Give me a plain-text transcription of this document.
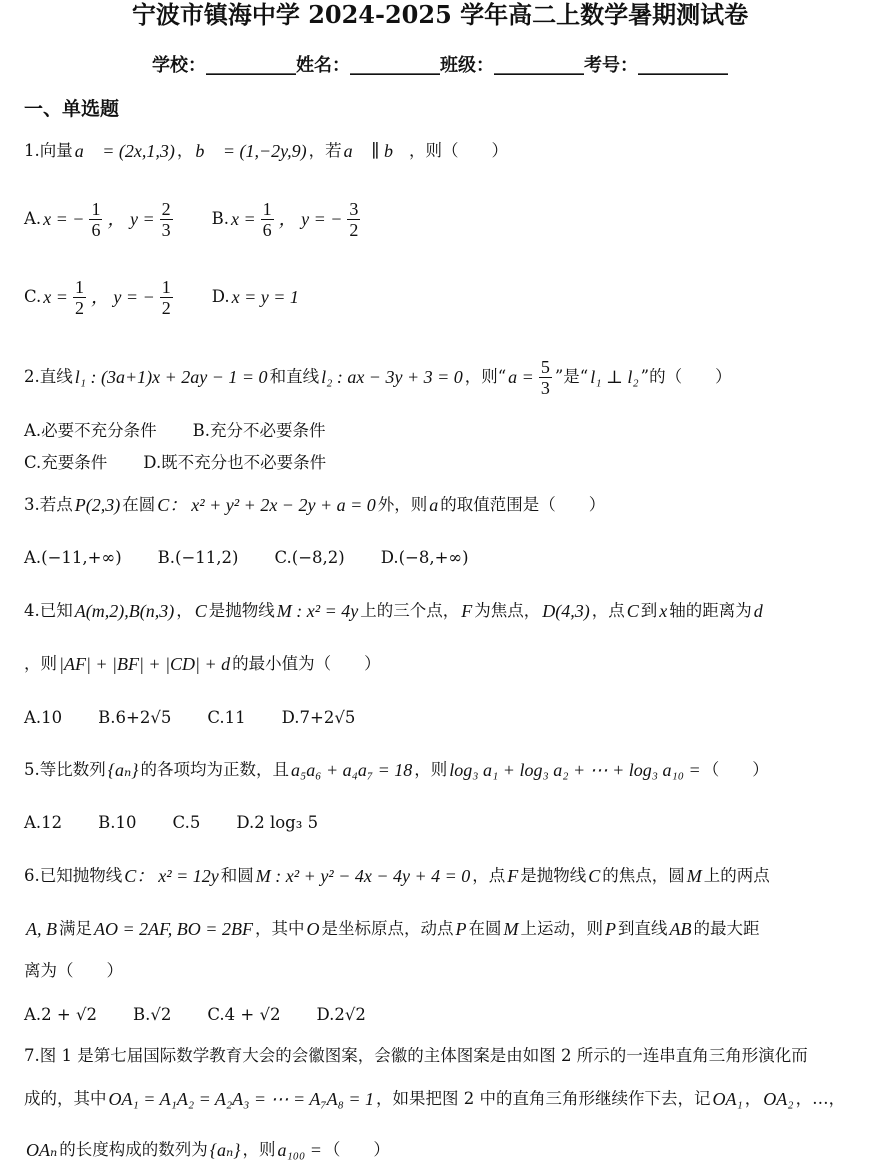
宁波市镇海中学 2024-2025 学年高二上数学暑期测试卷
学校：__________姓名：__________班级：__________考号：__________
一、单选题
1.向量 a⃗ = (2x,1,3) ， b⃗ = (1,−2y,9) ，若 a⃗ ∥ b⃗ ，则（　　）
A. x = − $\frac{1}{6}$ ， $y = \frac{2}{3} B$. $x = \frac{1}{6}$ ， y = − $\frac{3}{2}$
C. $x = \frac{1}{2}$ ， y = − $\frac{1}{2} D$. x = y = 1
2.直线 l₁ : (3a+1)x + 2ay − 1 = 0 和直线 l₂ : ax − 3y + 3 = 0 ，则“ $a = \frac{5}{3}$ ”是“ l₁ ⊥ l₂ ”的（　　）
A.必要不充分条件 B.充分不必要条件
C.充要条件 D.既不充分也不必要条件
3.若点 P(2,3) 在圆 C： x² + y² + 2x − 2y + a = 0 外，则 a 的取值范围是（　　）
A.(−11,+∞) B.(−11,2) C.(−8,2) D.(−8,+∞)
4.已知 A(m,2),B(n,3) ， C 是抛物线 M : x² = 4y 上的三个点， F 为焦点， D(4,3) ，点 C 到 x 轴的距离为 d
，则 |AF| + |BF| + |CD| + d 的最小值为（　　）
A.10 B.6+2√5 C.11 D.7+2√5
5.等比数列 {aₙ} 的各项均为正数，且 a₅a₆ + a₄a₇ = 18 ，则 log₃ a₁ + log₃ a₂ + ⋯ + log₃ a₁₀ = （　　）
A.12 B.10 C.5 D.2 log₃ 5
6.已知抛物线 C： x² = 12y 和圆 M : x² + y² − 4x − 4y + 4 = 0 ，点 F 是抛物线 C 的焦点，圆 M 上的两点
A, B 满足 AO = 2AF, BO = 2BF ，其中 O 是坐标原点，动点 P 在圆 M 上运动，则 P 到直线 AB 的最大距
离为（　　）
A.2 + √2 B.√2 C.4 + √2 D.2√2
7.图 1 是第七届国际数学教育大会的会徽图案，会徽的主体图案是由如图 2 所示的一连串直角三角形演化而
成的，其中 OA₁ = A₁A₂ = A₂A₃ = ⋯ = A₇A₈ = 1 ，如果把图 2 中的直角三角形继续作下去，记 OA₁ ， OA₂ ，…，
OAₙ 的长度构成的数列为 {aₙ} ，则 a₁₀₀ = （　　）
